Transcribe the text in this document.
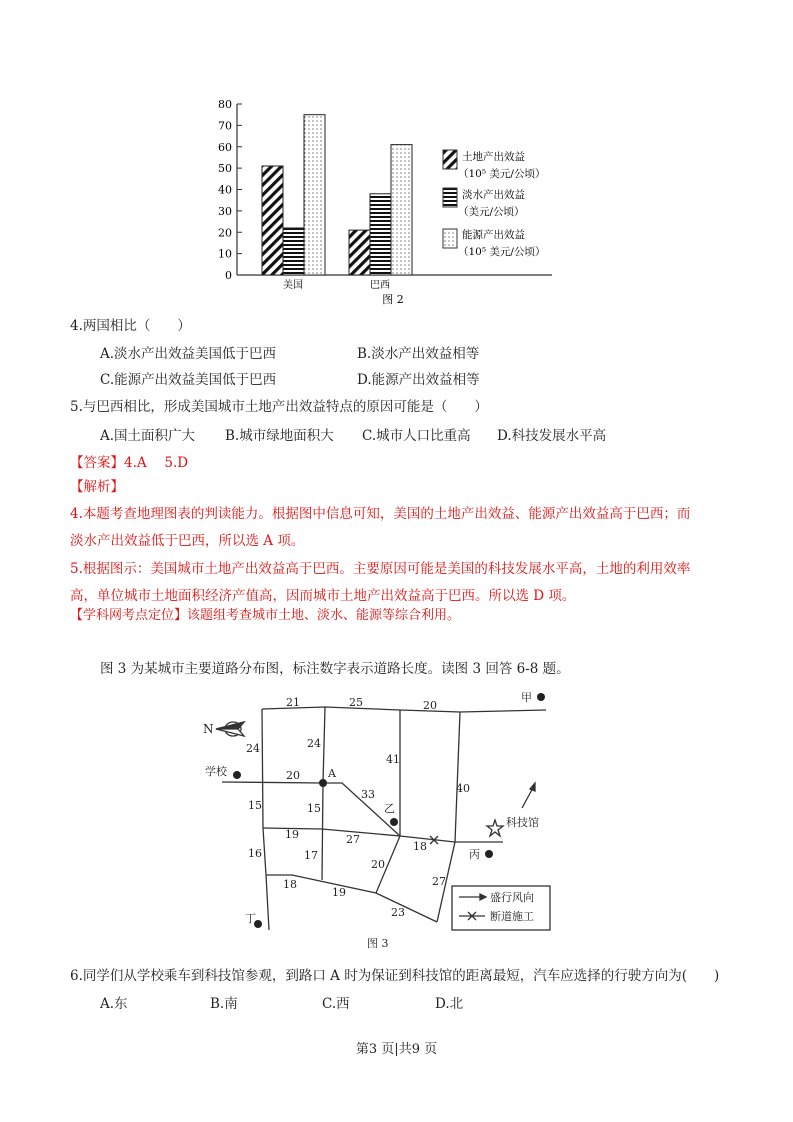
0
10
20
30
40
50
60
70
80
美国	巴西
图 2
土地产出效益
（10⁵ 美元/公顷）
淡水产出效益
（美元/公顷）
能源产出效益
（10⁵ 美元/公顷）
N
学校	A
乙
甲
丙
丁
科技馆
21	25	20
24	24
20
41
40
15	15
33
19	27
18
16	17
20
27
18
19
23
盛行风向
断道施工
图 3
4.两国相比（　　）
A.淡水产出效益美国低于巴西	B.淡水产出效益相等
C.能源产出效益美国低于巴西	D.能源产出效益相等
5.与巴西相比，形成美国城市土地产出效益特点的原因可能是（　　）
A.国土面积广大 B.城市绿地面积大 C.城市人口比重高 D.科技发展水平高
【答案】4.A　 5.D
【解析】
4.本题考查地理图表的判读能力。根据图中信息可知，美国的土地产出效益、能源产出效益高于巴西；而
淡水产出效益低于巴西，所以选 A 项。
5.根据图示：美国城市土地产出效益高于巴西。主要原因可能是美国的科技发展水平高，土地的利用效率
高，单位城市土地面积经济产值高，因而城市土地产出效益高于巴西。所以选 D 项。
【学科网考点定位】该题组考查城市土地、淡水、能源等综合利用。
图 3 为某城市主要道路分布图，标注数字表示道路长度。读图 3 回答 6-8 题。
6.同学们从学校乘车到科技馆参观，到路口 A 时为保证到科技馆的距离最短，汽车应选择的行驶方向为(　　)
A.东	B.南	C.西	D.北
第3 页|共9 页
